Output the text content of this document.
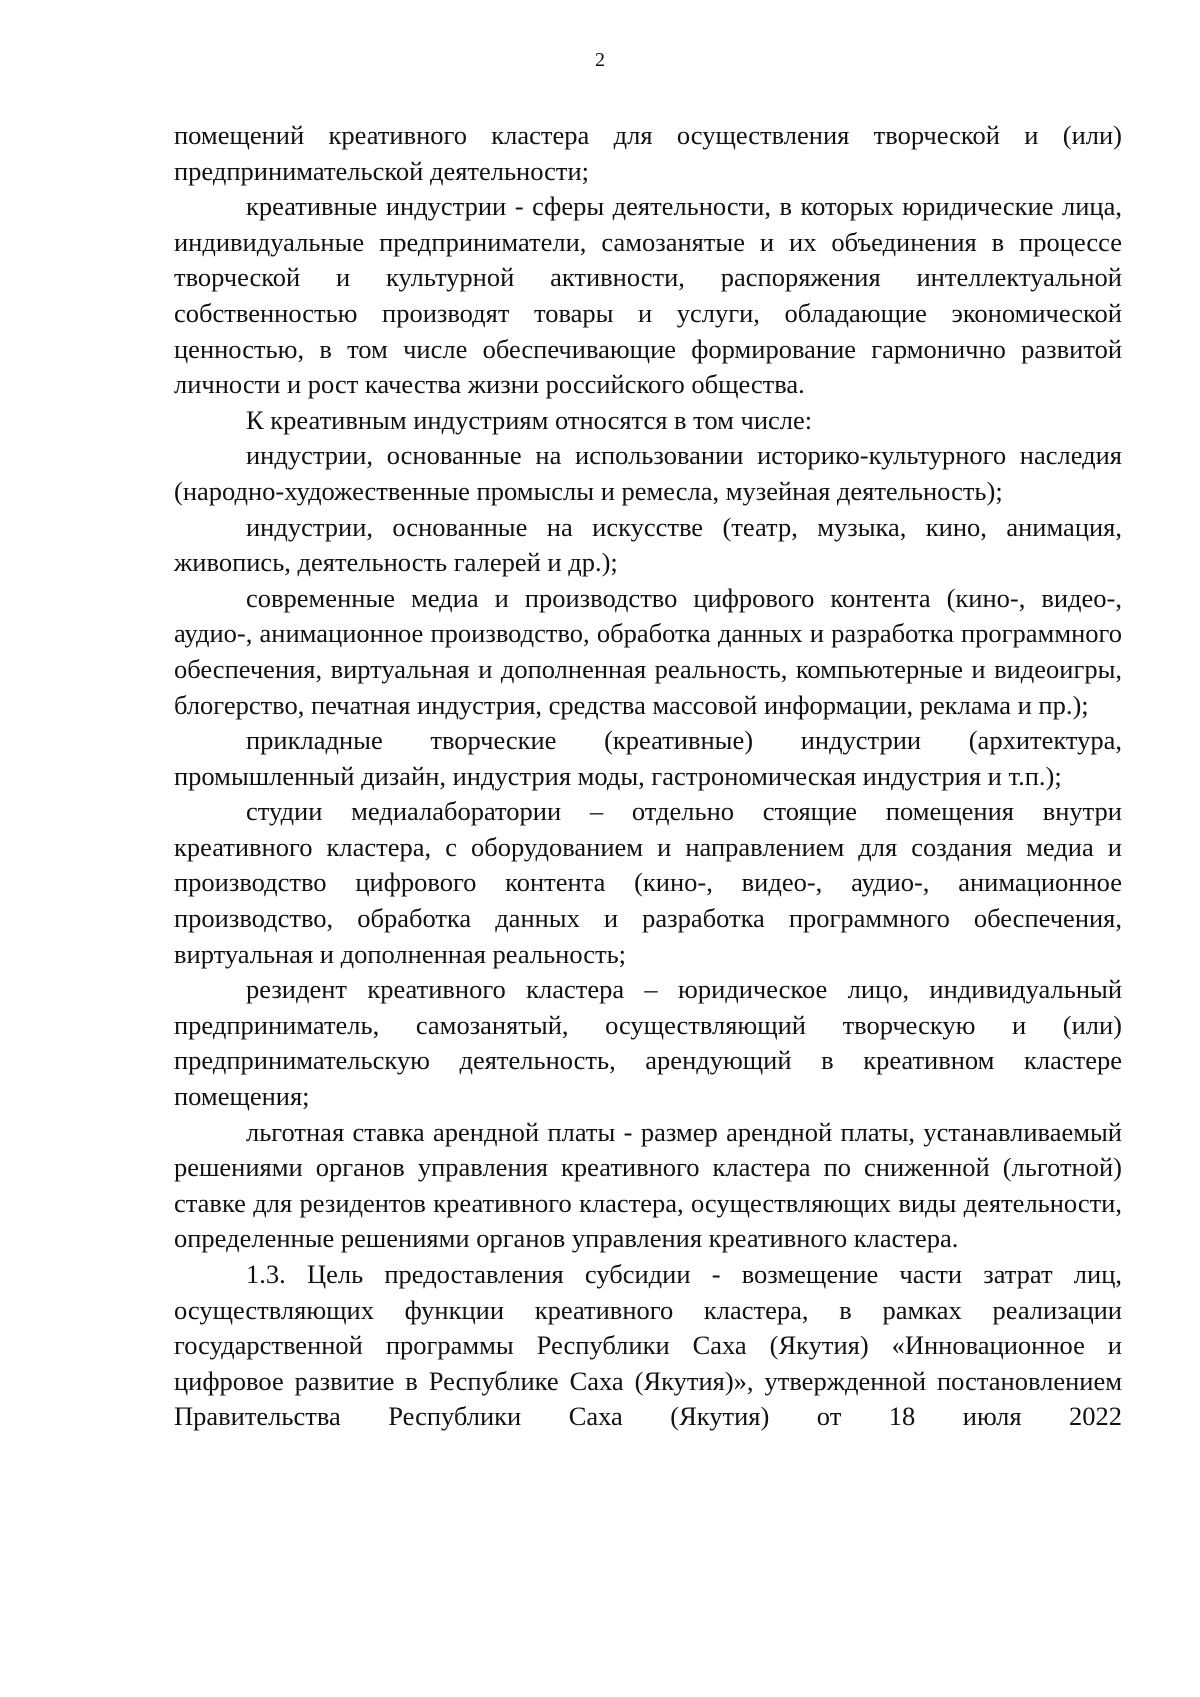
2

помещений креативного кластера для осуществления творческой и (или) предпринимательской деятельности;

креативные индустрии - сферы деятельности, в которых юридические лица, индивидуальные предприниматели, самозанятые и их объединения в процессе творческой и культурной активности, распоряжения интеллектуальной собственностью производят товары и услуги, обладающие экономической ценностью, в том числе обеспечивающие формирование гармонично развитой личности и рост качества жизни российского общества.

К креативным индустриям относятся в том числе:

индустрии, основанные на использовании историко-культурного наследия (народно-художественные промыслы и ремесла, музейная деятельность);

индустрии, основанные на искусстве (театр, музыка, кино, анимация, живопись, деятельность галерей и др.);

современные медиа и производство цифрового контента (кино-, видео-, аудио-, анимационное производство, обработка данных и разработка программного обеспечения, виртуальная и дополненная реальность, компьютерные и видеоигры, блогерство, печатная индустрия, средства массовой информации, реклама и пр.);

прикладные творческие (креативные) индустрии (архитектура, промышленный дизайн, индустрия моды, гастрономическая индустрия и т.п.);

студии медиалаборатории – отдельно стоящие помещения внутри креативного кластера, с оборудованием и направлением для создания медиа и производство цифрового контента (кино-, видео-, аудио-, анимационное производство, обработка данных и разработка программного обеспечения, виртуальная и дополненная реальность;

резидент креативного кластера – юридическое лицо, индивидуальный предприниматель, самозанятый, осуществляющий творческую и (или) предпринимательскую деятельность, арендующий в креативном кластере помещения;

льготная ставка арендной платы - размер арендной платы, устанавливаемый решениями органов управления креативного кластера по сниженной (льготной) ставке для резидентов креативного кластера, осуществляющих виды деятельности, определенные решениями органов управления креативного кластера.

1.3. Цель предоставления субсидии - возмещение части затрат лиц, осуществляющих функции креативного кластера, в рамках реализации государственной программы Республики Саха (Якутия) «Инновационное и цифровое развитие в Республике Саха (Якутия)», утвержденной постановлением Правительства Республики Саха (Якутия) от 18 июля 2022
